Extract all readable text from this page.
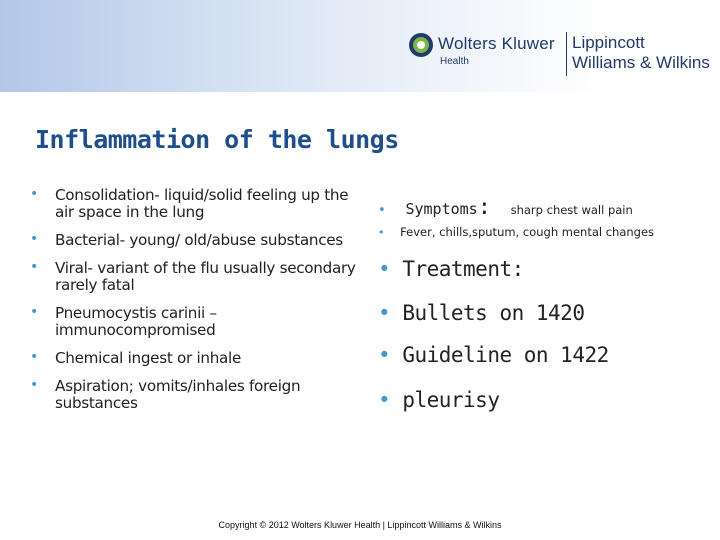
Wolters Kluwer
Health
Lippincott
Williams & Wilkins
Inflammation of the lungs
• Consolidation- liquid/solid feeling up the air space in the lung
• Bacterial- young/ old/abuse substances
• Viral- variant of the flu usually secondary rarely fatal
• Pneumocystis carinii – immunocompromised
• Chemical ingest or inhale
• Aspiration; vomits/inhales foreign substances
• Symptoms: sharp chest wall pain
• Fever, chills,sputum, cough mental changes
• Treatment:
• Bullets on 1420
• Guideline on 1422
• pleurisy
Copyright © 2012 Wolters Kluwer Health | Lippincott Williams & Wilkins
